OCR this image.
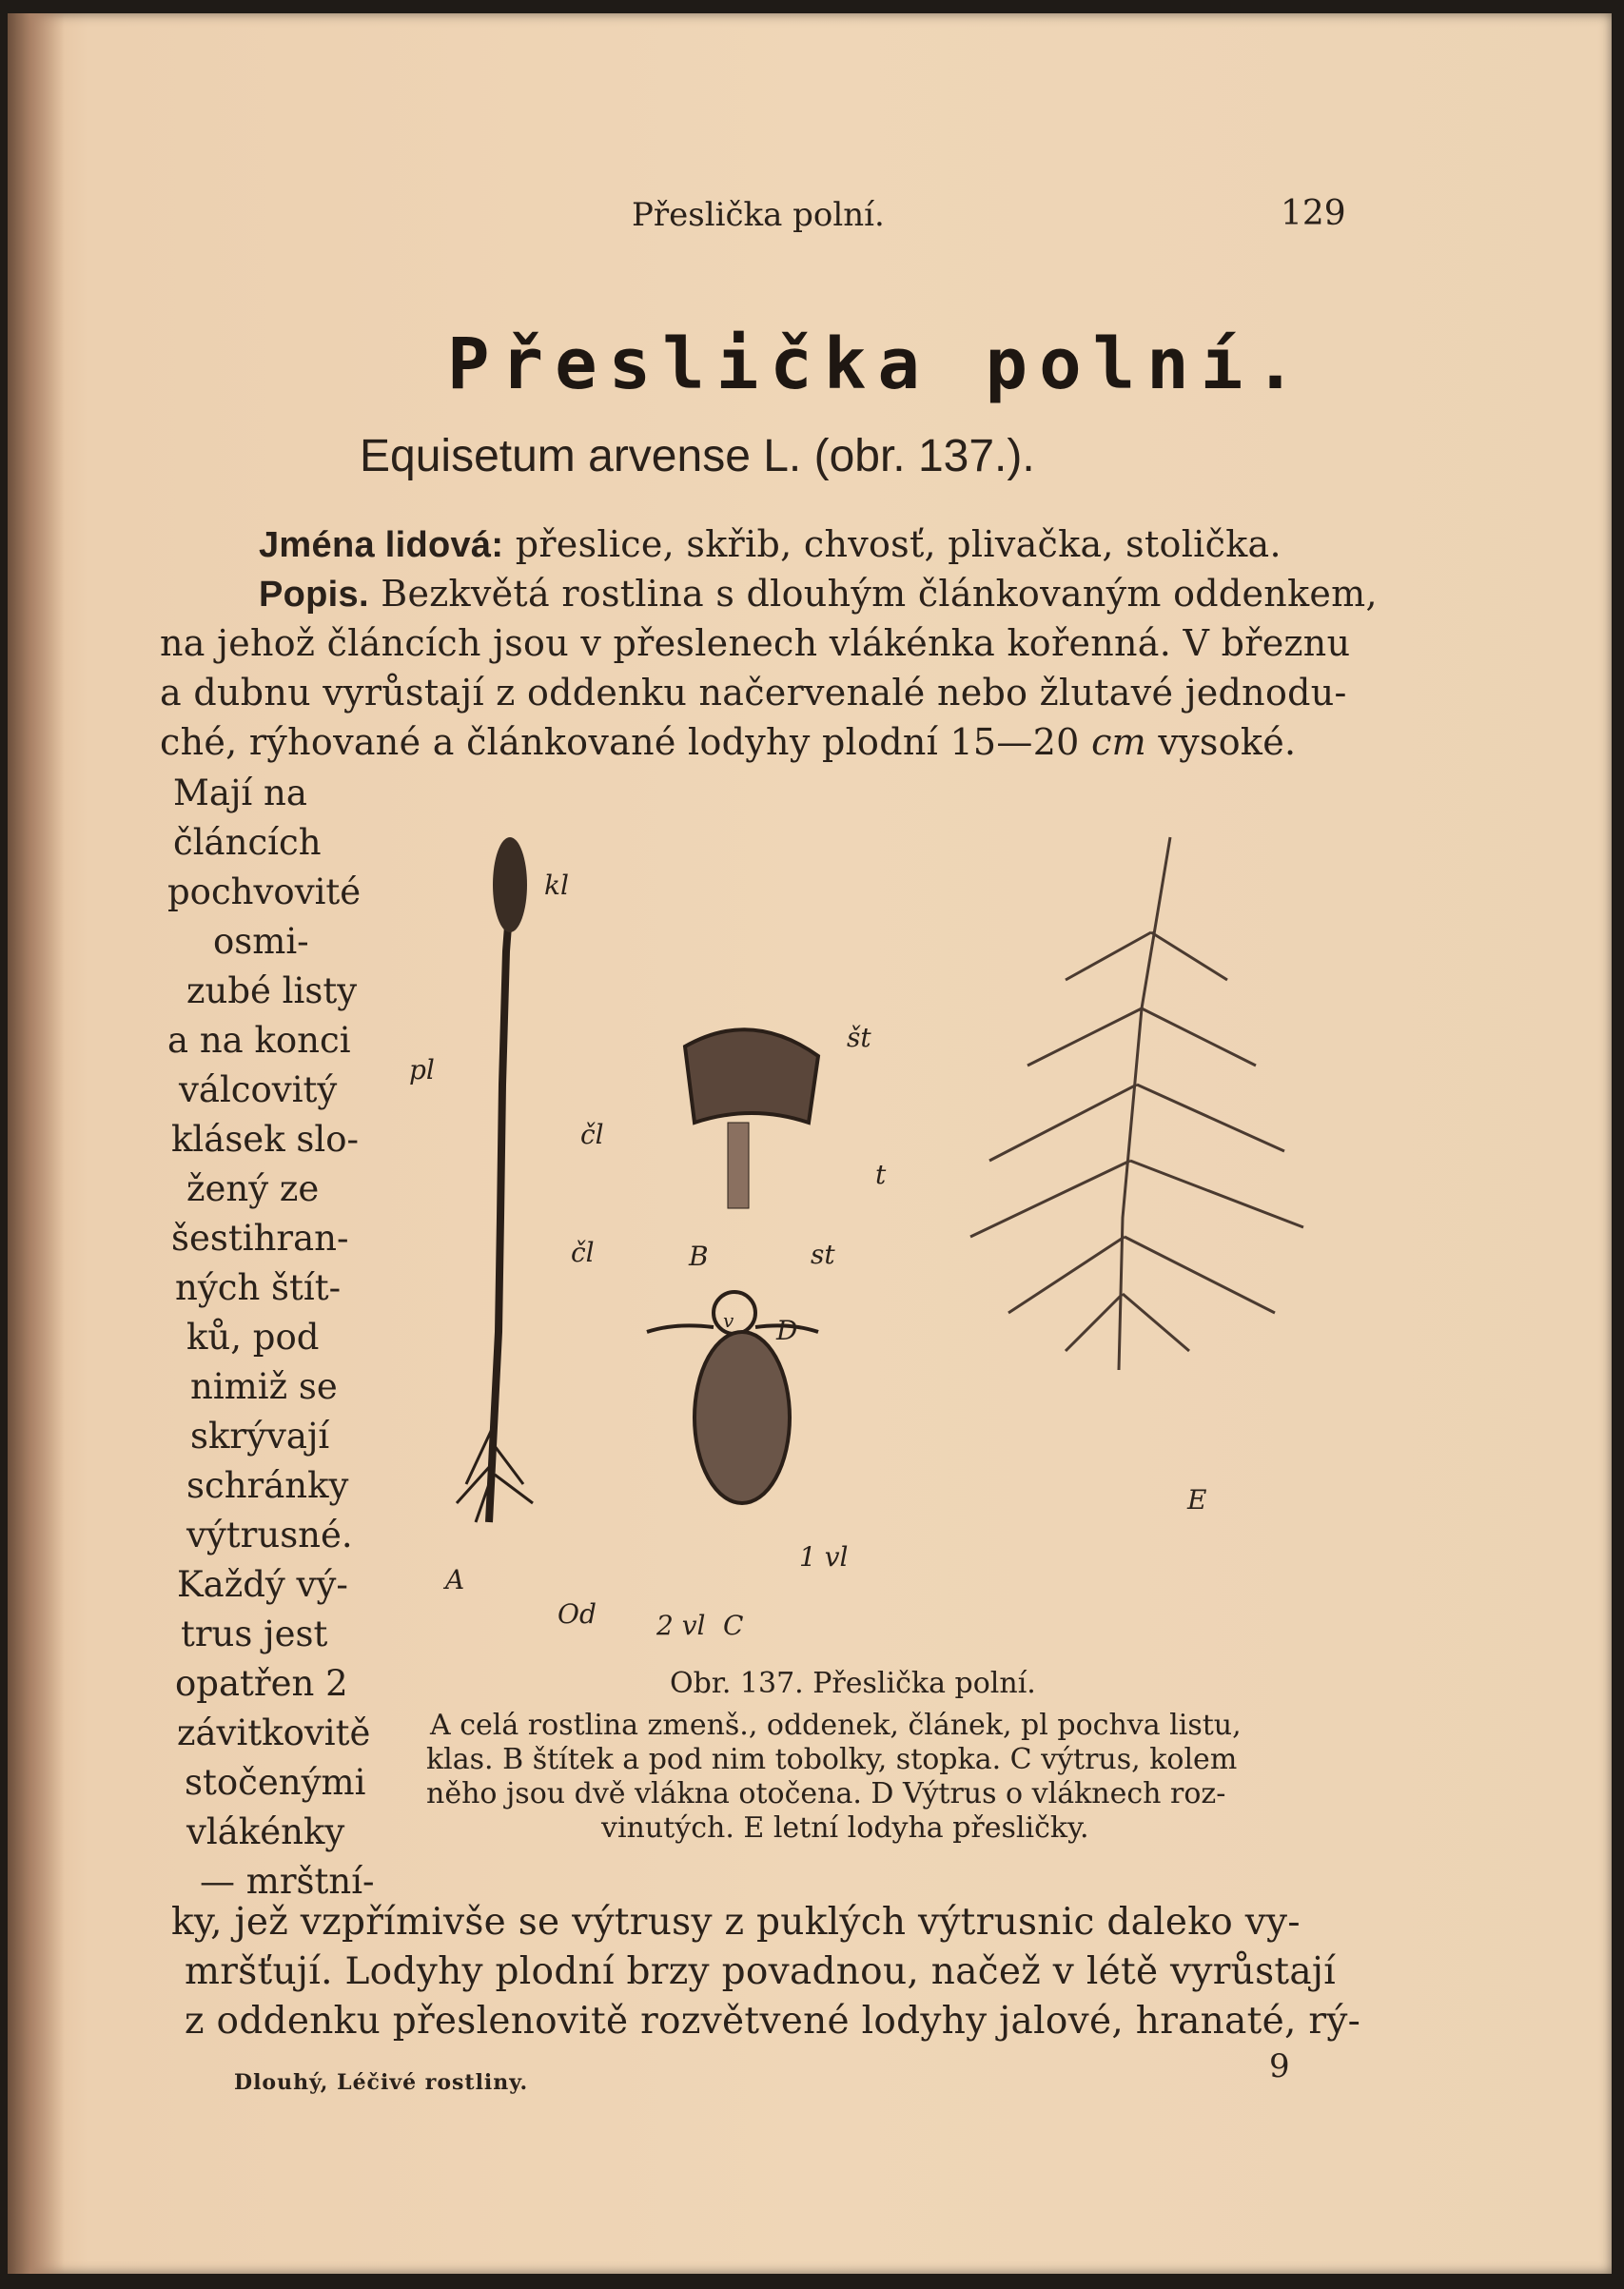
Přeslička polní.	129
Přeslička polní.
Equisetum arvense L. (obr. 137.).
Jména lidová: přeslice, skřib, chvosť, plivačka, stolička.
Popis. Bezkvětá rostlina s dlouhým článkovaným oddenkem,
na jehož článcích jsou v přeslenech vlákénka kořenná. V březnu
a dubnu vyrůstají z oddenku načervenalé nebo žlutavé jednodu-
ché, rýhované a článkované lodyhy plodní 15—20 cm vysoké.
Mají na
článcích
pochvovité
osmi-
zubé listy
a na konci
válcovitý
klásek slo-
žený ze
šestihran-
ných štít-
ků, pod
nimiž se
skrývají
schránky
výtrusné.
Každý vý-
trus jest
opatřen 2
závitkovitě
stočenými
vlákénky
— mrštní-
kl
pl
čl
čl
A
Od
št
t
B	st
D
v
1 vl
2 vl C
E
Obr. 137. Přeslička polní.
A celá rostlina zmenš., oddenek, článek, pl pochva listu,
klas. B štítek a pod nim tobolky, stopka. C výtrus, kolem
něho jsou dvě vlákna otočena. D Výtrus o vláknech roz-
vinutých. E letní lodyha přesličky.
ky, jež vzpřímivše se výtrusy z puklých výtrusnic daleko vy-
mršťují. Lodyhy plodní brzy povadnou, načež v létě vyrůstají
z oddenku přeslenovitě rozvětvené lodyhy jalové, hranaté, rý-
Dlouhý, Léčivé rostliny.	9
